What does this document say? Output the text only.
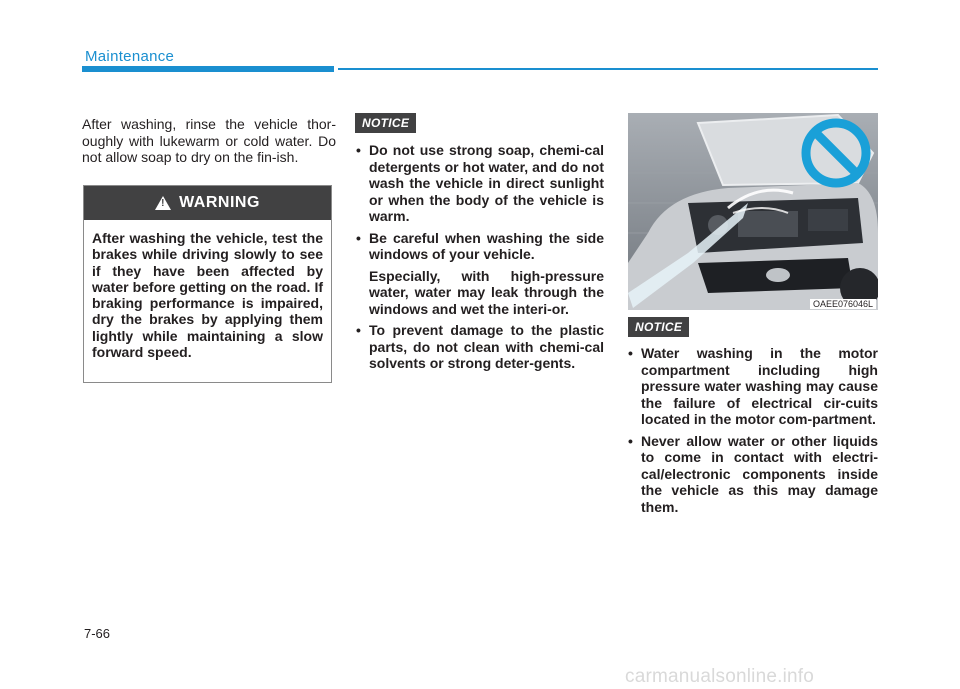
Maintenance

After washing, rinse the vehicle thor-oughly with lukewarm or cold water. Do not allow soap to dry on the fin-ish.

! WARNING
After washing the vehicle, test the brakes while driving slowly to see if they have been affected by water before getting on the road. If braking performance is impaired, dry the brakes by applying them lightly while maintaining a slow forward speed.
NOTICE
• Do not use strong soap, chemi-cal detergents or hot water, and do not wash the vehicle in direct sunlight or when the body of the vehicle is warm.
• Be careful when washing the side windows of your vehicle.
Especially, with high-pressure water, water may leak through the windows and wet the interi-or.
• To prevent damage to the plastic parts, do not clean with chemi-cal solvents or strong deter-gents.
OAEE076046L
NOTICE
• Water washing in the motor compartment including high pressure water washing may cause the failure of electrical cir-cuits located in the motor com-partment.
• Never allow water or other liquids to come in contact with electri-cal/electronic components inside the vehicle as this may damage them.
7-66
carmanualsonline.info
